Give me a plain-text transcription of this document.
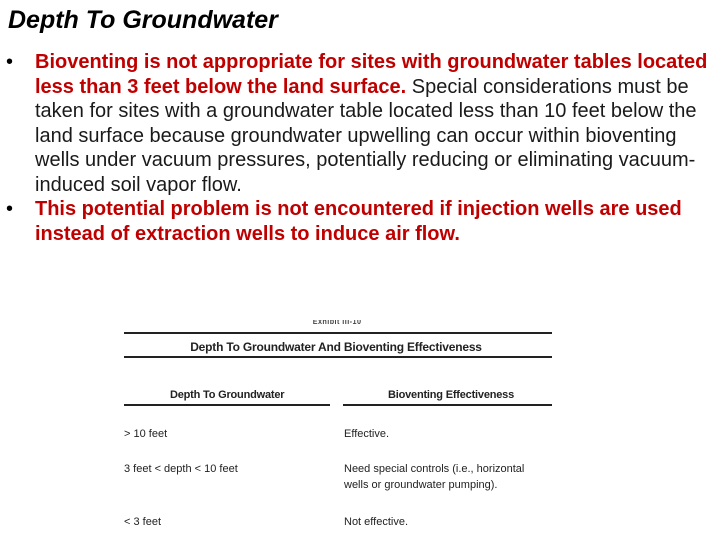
Depth To Groundwater
• Bioventing is not appropriate for sites with groundwater tables located less than 3 feet below the land surface. Special considerations must be taken for sites with a groundwater table located less than 10 feet below the land surface because groundwater upwelling can occur within bioventing wells under vacuum pressures, potentially reducing or eliminating vacuum-induced soil vapor flow.
• This potential problem is not encountered if injection wells are used instead of extraction wells to induce air flow.
Exhibit III-10
Depth To Groundwater And Bioventing Effectiveness
Depth To Groundwater	Bioventing Effectiveness
> 10 feet	Effective.
3 feet < depth < 10 feet	Need special controls (i.e., horizontal wells or groundwater pumping).
< 3 feet	Not effective.
